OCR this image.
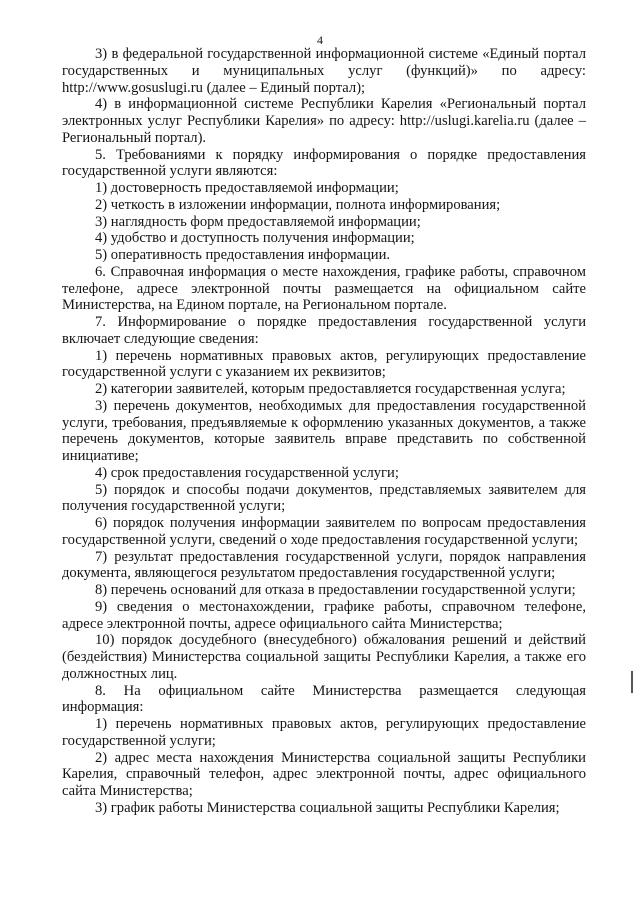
4

3) в федеральной государственной информационной системе «Единый портал государственных и муниципальных услуг (функций)» по адресу: http://www.gosuslugi.ru (далее – Единый портал);

4) в информационной системе Республики Карелия «Региональный портал электронных услуг Республики Карелия» по адресу: http://uslugi.karelia.ru (далее – Региональный портал).

5. Требованиями к порядку информирования о порядке предоставления государственной услуги являются:

1) достоверность предоставляемой информации;

2) четкость в изложении информации, полнота информирования;

3) наглядность форм предоставляемой информации;

4) удобство и доступность получения информации;

5) оперативность предоставления информации.

6. Справочная информация о месте нахождения, графике работы, справочном телефоне, адресе электронной почты размещается на официальном сайте Министерства, на Едином портале, на Региональном портале.

7. Информирование о порядке предоставления государственной услуги включает следующие сведения:

1) перечень нормативных правовых актов, регулирующих предоставление государственной услуги с указанием их реквизитов;

2) категории заявителей, которым предоставляется государственная услуга;

3) перечень документов, необходимых для предоставления государственной услуги, требования, предъявляемые к оформлению указанных документов, а также перечень документов, которые заявитель вправе представить по собственной инициативе;

4) срок предоставления государственной услуги;

5) порядок и способы подачи документов, представляемых заявителем для получения государственной услуги;

6) порядок получения информации заявителем по вопросам предоставления государственной услуги, сведений о ходе предоставления государственной услуги;

7) результат предоставления государственной услуги, порядок направления документа, являющегося результатом предоставления государственной услуги;

8) перечень оснований для отказа в предоставлении государственной услуги;

9) сведения о местонахождении, графике работы, справочном телефоне, адресе электронной почты, адресе официального сайта Министерства;

10) порядок досудебного (внесудебного) обжалования решений и действий (бездействия) Министерства социальной защиты Республики Карелия, а также его должностных лиц.

8. На официальном сайте Министерства размещается следующая информация:

1) перечень нормативных правовых актов, регулирующих предоставление государственной услуги;

2) адрес места нахождения Министерства социальной защиты Республики Карелия, справочный телефон, адрес электронной почты, адрес официального сайта Министерства;

3) график работы Министерства социальной защиты Республики Карелия;
